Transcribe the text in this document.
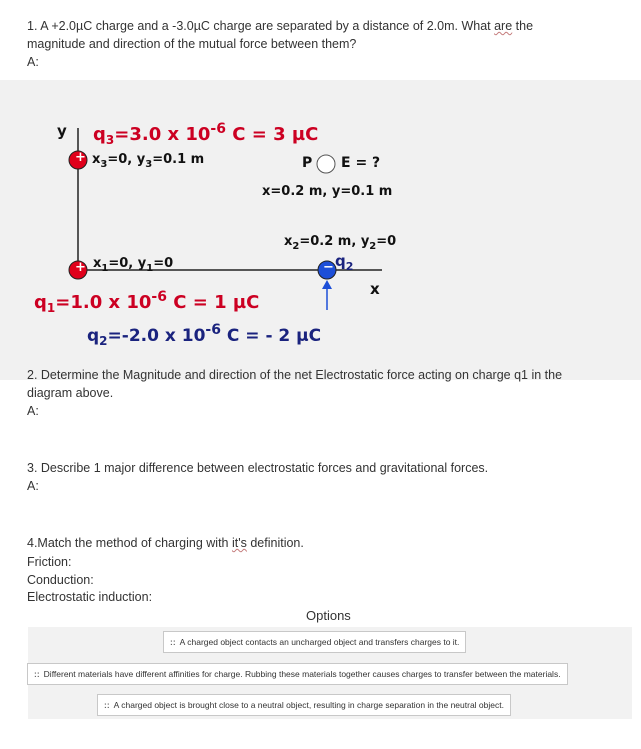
1. A +2.0µC charge and a -3.0µC charge are separated by a distance of 2.0m. What are the
magnitude and direction of the mutual force between them?
A:
+
+	−
y
x
$q_3=3.0$ x $10^{-6}$ C = 3 µC
$x_3=0$, $y_3=0.1$ m	P E = ?
x=0.2 m, y=0.1 m
$x_1=0$, $y_1=0$
$x_2=0.2$ m, $y_2=0$
$q_2$
$q_1=1.0$ x $10^{-6}$ C = 1 µC
$q_2=-2.0$ x $10^{-6}$ C = - 2 µC
2. Determine the Magnitude and direction of the net Electrostatic force acting on charge q1 in the
diagram above.
A:
3. Describe 1 major difference between electrostatic forces and gravitational forces.
A:
4.Match the method of charging with it's definition.
Friction:
Conduction:
Electrostatic induction:
Options
:: A charged object contacts an uncharged object and transfers charges to it.
:: Different materials have different affinities for charge. Rubbing these materials together causes charges to transfer between the materials.
:: A charged object is brought close to a neutral object, resulting in charge separation in the neutral object.
